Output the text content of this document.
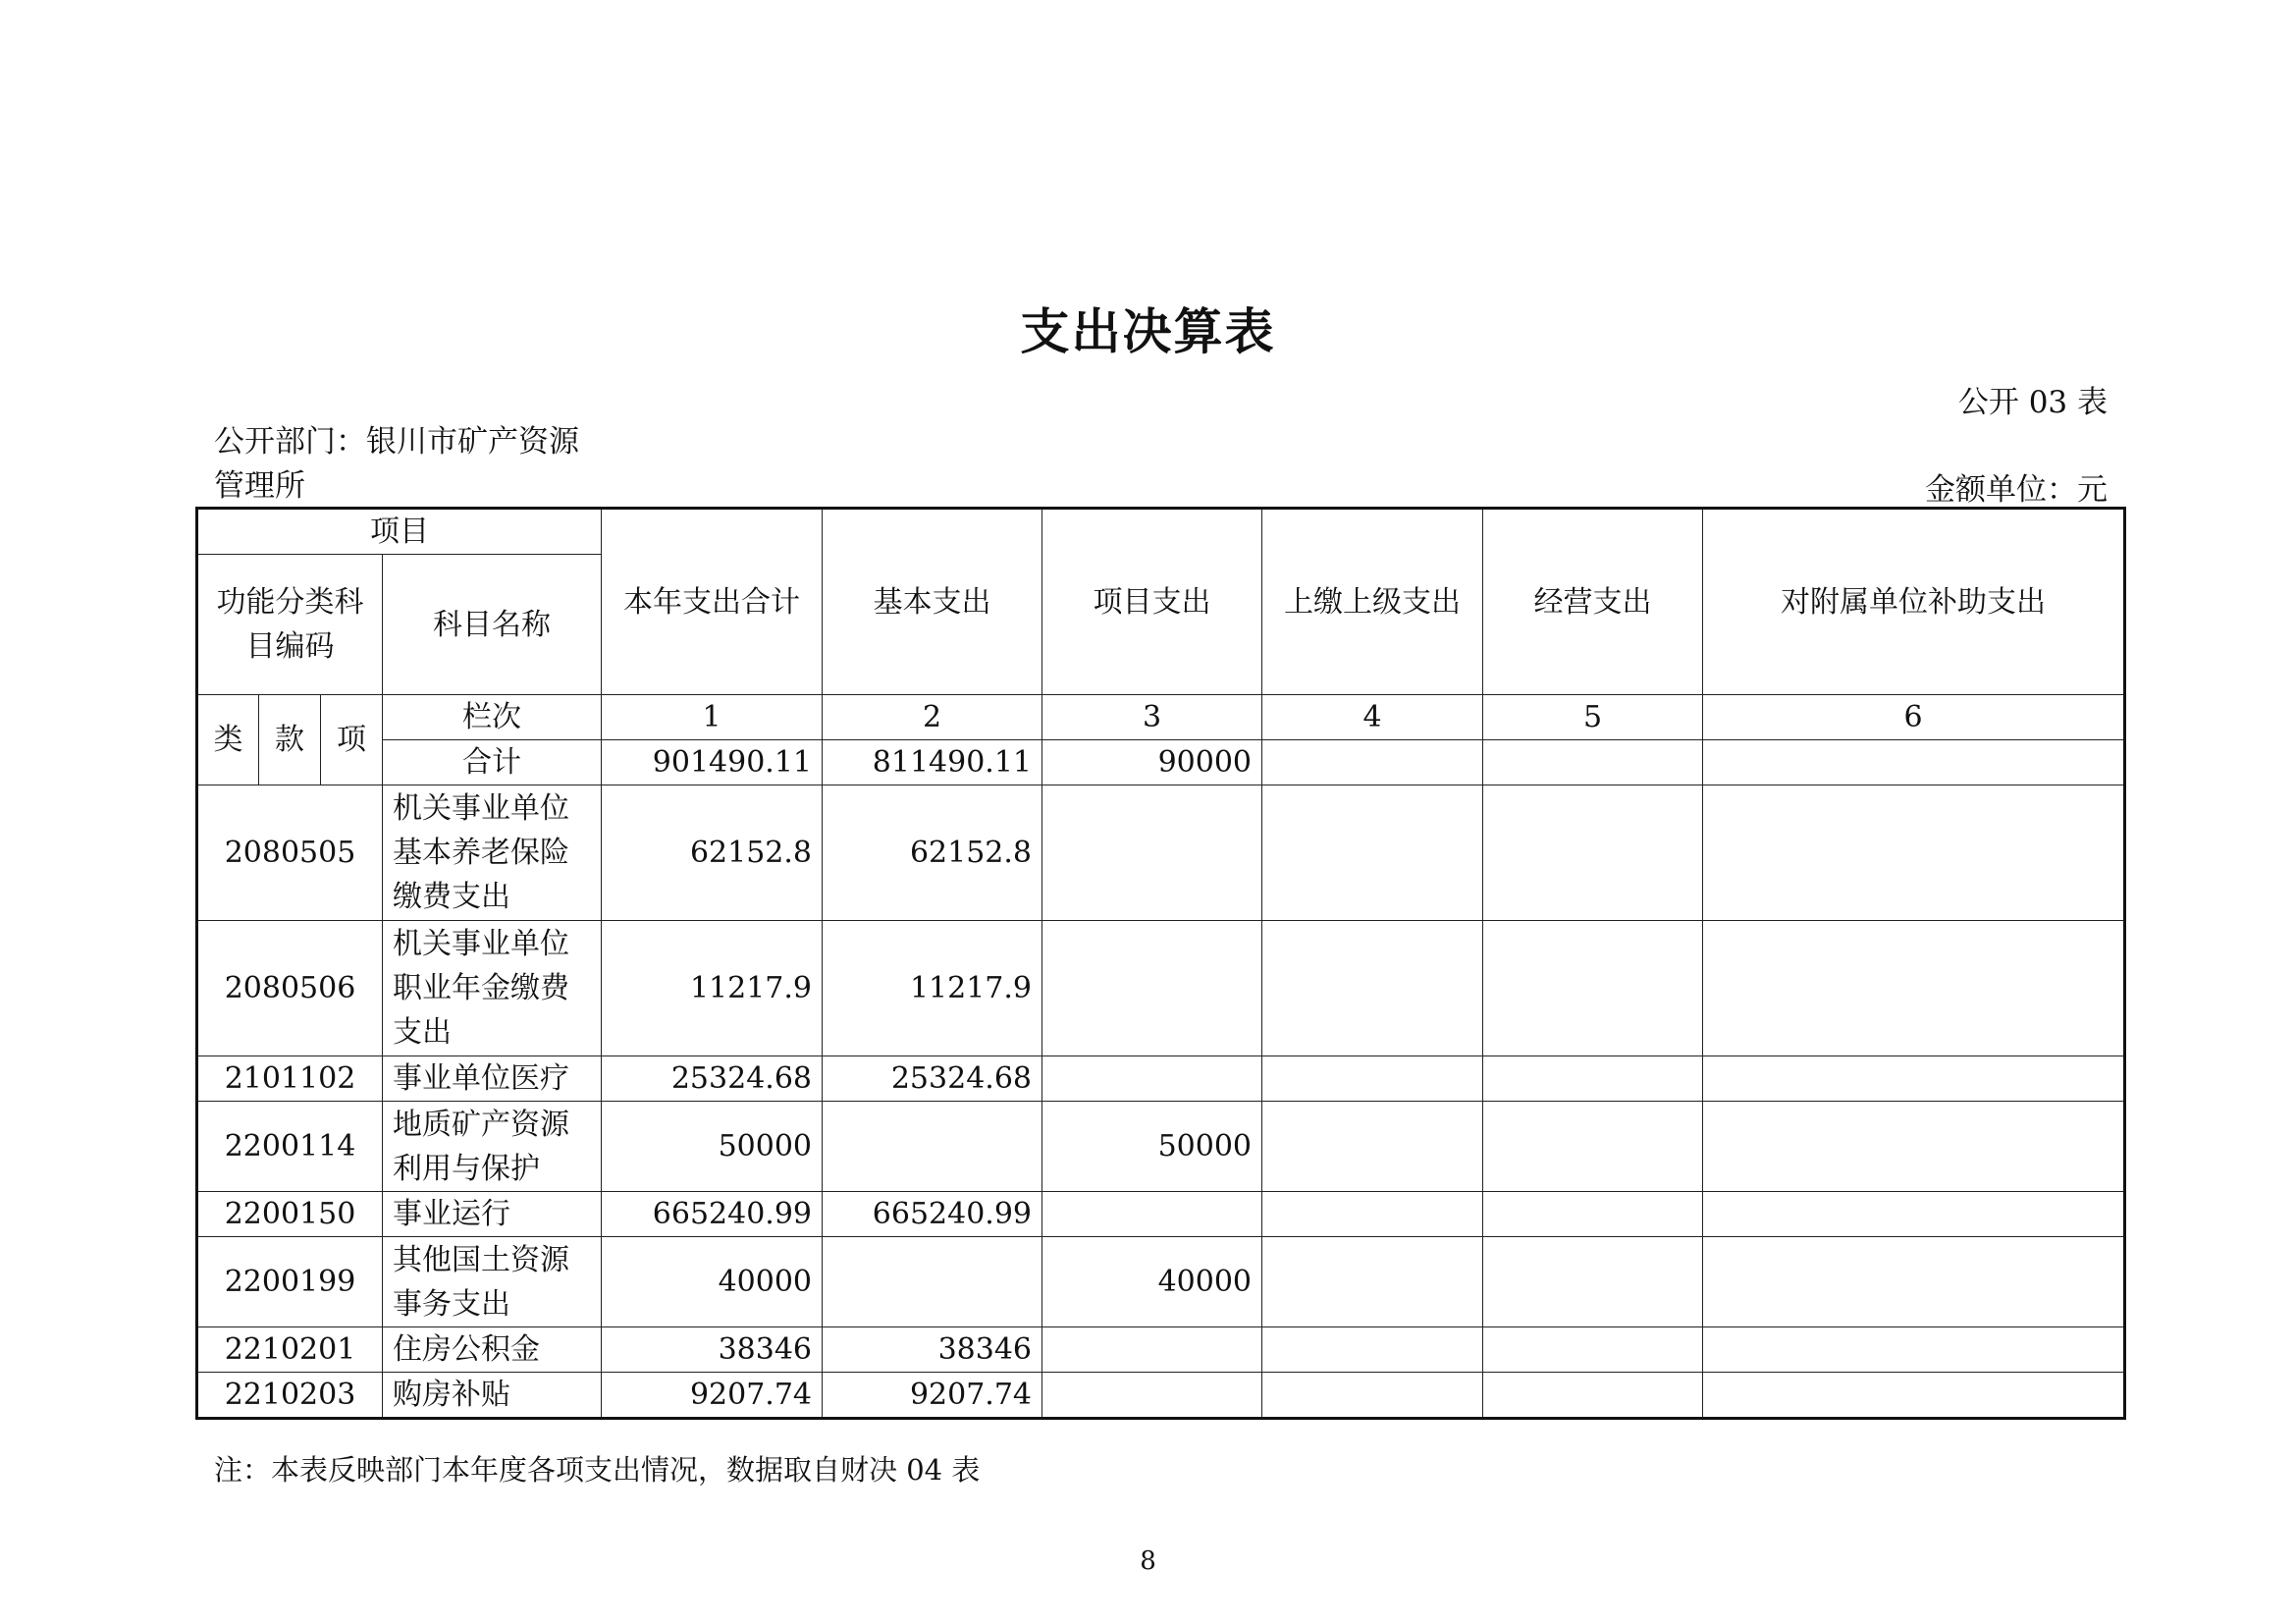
支出决算表
公开 03 表
公开部门：银川市矿产资源管理所	金额单位：元
项目				本年支出合计	基本支出	项目支出	上缴上级支出	经营支出	对附属单位补助支出
功能分类科目编码			科目名称						
类	款	项	栏次	1	2	3	4	5	6
			合计	901490.11	811490.11	90000			
2080505			机关事业单位基本养老保险缴费支出	62152.8	62152.8				
2080506			机关事业单位职业年金缴费支出	11217.9	11217.9				
2101102			事业单位医疗	25324.68	25324.68				
2200114			地质矿产资源利用与保护	50000		50000			
2200150			事业运行	665240.99	665240.99				
2200199			其他国土资源事务支出	40000		40000			
2210201			住房公积金	38346	38346				
2210203			购房补贴	9207.74	9207.74				
注：本表反映部门本年度各项支出情况，数据取自财决 04 表
8
